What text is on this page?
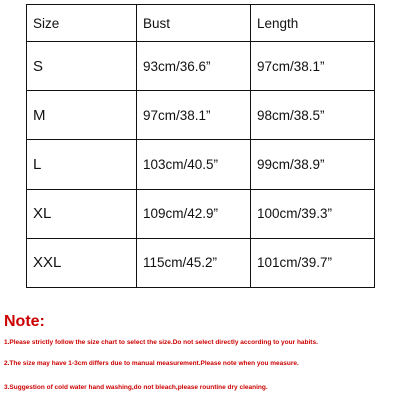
Size	Bust	Length
S	93cm/36.6”	97cm/38.1”
M	97cm/38.1”	98cm/38.5”
L	103cm/40.5”	99cm/38.9”
XL	109cm/42.9”	100cm/39.3”
XXL	115cm/45.2”	101cm/39.7”
Note:
1.Please strictly follow the size chart to select the size.Do not select directly according to your habits.
2.The size may have 1-3cm differs due to manual measurement.Please note when you measure.
3.Suggestion of cold water hand washing,do not bleach,please rountine dry cleaning.
